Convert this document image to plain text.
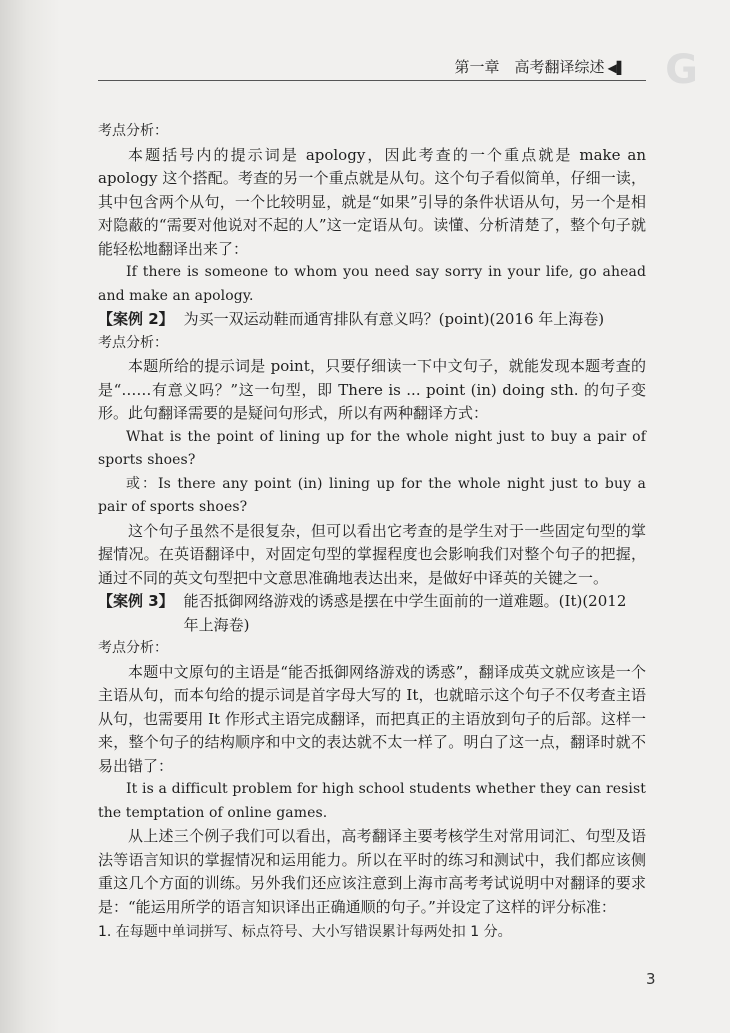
第一章　高考翻译综述 ◀▌ G

考点分析：

本题括号内的提示词是 apology，因此考查的一个重点就是 make an apology 这个搭配。考查的另一个重点就是从句。这个句子看似简单，仔细一读，其中包含两个从句，一个比较明显，就是“如果”引导的条件状语从句，另一个是相对隐蔽的“需要对他说对不起的人”这一定语从句。读懂、分析清楚了，整个句子就能轻松地翻译出来了：

If there is someone to whom you need say sorry in your life, go ahead and make an apology.

【案例 2】 为买一双运动鞋而通宵排队有意义吗？(point)(2016 年上海卷)

考点分析：

本题所给的提示词是 point，只要仔细读一下中文句子，就能发现本题考查的是“……有意义吗？”这一句型，即 There is ... point (in) doing sth. 的句子变形。此句翻译需要的是疑问句形式，所以有两种翻译方式：

What is the point of lining up for the whole night just to buy a pair of sports shoes?

或：Is there any point (in) lining up for the whole night just to buy a pair of sports shoes?

这个句子虽然不是很复杂，但可以看出它考查的是学生对于一些固定句型的掌握情况。在英语翻译中，对固定句型的掌握程度也会影响我们对整个句子的把握，通过不同的英文句型把中文意思准确地表达出来，是做好中译英的关键之一。

【案例 3】 能否抵御网络游戏的诱惑是摆在中学生面前的一道难题。(It)(2012 年上海卷)

考点分析：

本题中文原句的主语是“能否抵御网络游戏的诱惑”，翻译成英文就应该是一个主语从句，而本句给的提示词是首字母大写的 It，也就暗示这个句子不仅考查主语从句，也需要用 It 作形式主语完成翻译，而把真正的主语放到句子的后部。这样一来，整个句子的结构顺序和中文的表达就不太一样了。明白了这一点，翻译时就不易出错了：

It is a difficult problem for high school students whether they can resist the temptation of online games.

从上述三个例子我们可以看出，高考翻译主要考核学生对常用词汇、句型及语法等语言知识的掌握情况和运用能力。所以在平时的练习和测试中，我们都应该侧重这几个方面的训练。另外我们还应该注意到上海市高考考试说明中对翻译的要求是：“能运用所学的语言知识译出正确通顺的句子。”并设定了这样的评分标准：

1. 在每题中单词拼写、标点符号、大小写错误累计每两处扣 1 分。

3
